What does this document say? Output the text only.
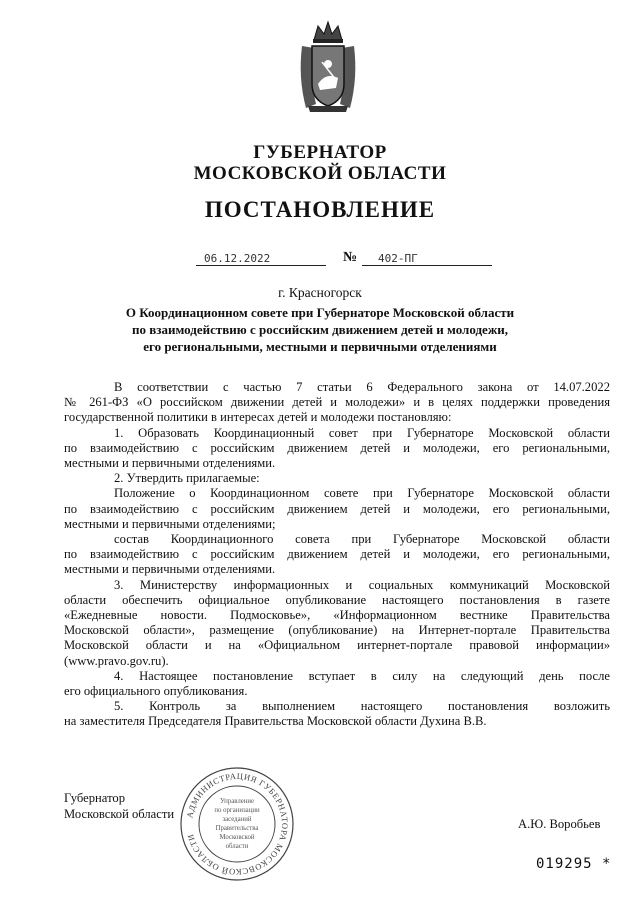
ГУБЕРНАТОР
МОСКОВСКОЙ ОБЛАСТИ
ПОСТАНОВЛЕНИЕ
06.12.2022	№ 402-ПГ
г. Красногорск
О Координационном совете при Губернаторе Московской области
по взаимодействию с российским движением детей и молодежи,
его региональными, местными и первичными отделениями
В соответствии с частью 7 статьи 6 Федерального закона от 14.07.2022
№ 261-ФЗ «О российском движении детей и молодежи» и в целях поддержки проведения
государственной политики в интересах детей и молодежи постановляю:
1. Образовать Координационный совет при Губернаторе Московской области
по взаимодействию с российским движением детей и молодежи, его региональными,
местными и первичными отделениями.
2. Утвердить прилагаемые:
Положение о Координационном совете при Губернаторе Московской области
по взаимодействию с российским движением детей и молодежи, его региональными,
местными и первичными отделениями;
состав Координационного совета при Губернаторе Московской области
по взаимодействию с российским движением детей и молодежи, его региональными,
местными и первичными отделениями.
3. Министерству информационных и социальных коммуникаций Московской
области обеспечить официальное опубликование настоящего постановления в газете
«Ежедневные новости. Подмосковье», «Информационном вестнике Правительства
Московской области», размещение (опубликование) на Интернет-портале Правительства
Московской области и на «Официальном интернет-портале правовой информации»
(www.pravo.gov.ru).
4. Настоящее постановление вступает в силу на следующий день после
его официального опубликования.
5. Контроль за выполнением настоящего постановления возложить
на заместителя Председателя Правительства Московской области Духина В.В.
Губернатор
Московской области
А.Ю. Воробьев
АДМИНИСТРАЦИЯ ГУБЕРНАТОРА МОСКОВСКОЙ ОБЛАСТИ
Управление
по организации
заседаний
Правительства
Московской
области
019295 *
